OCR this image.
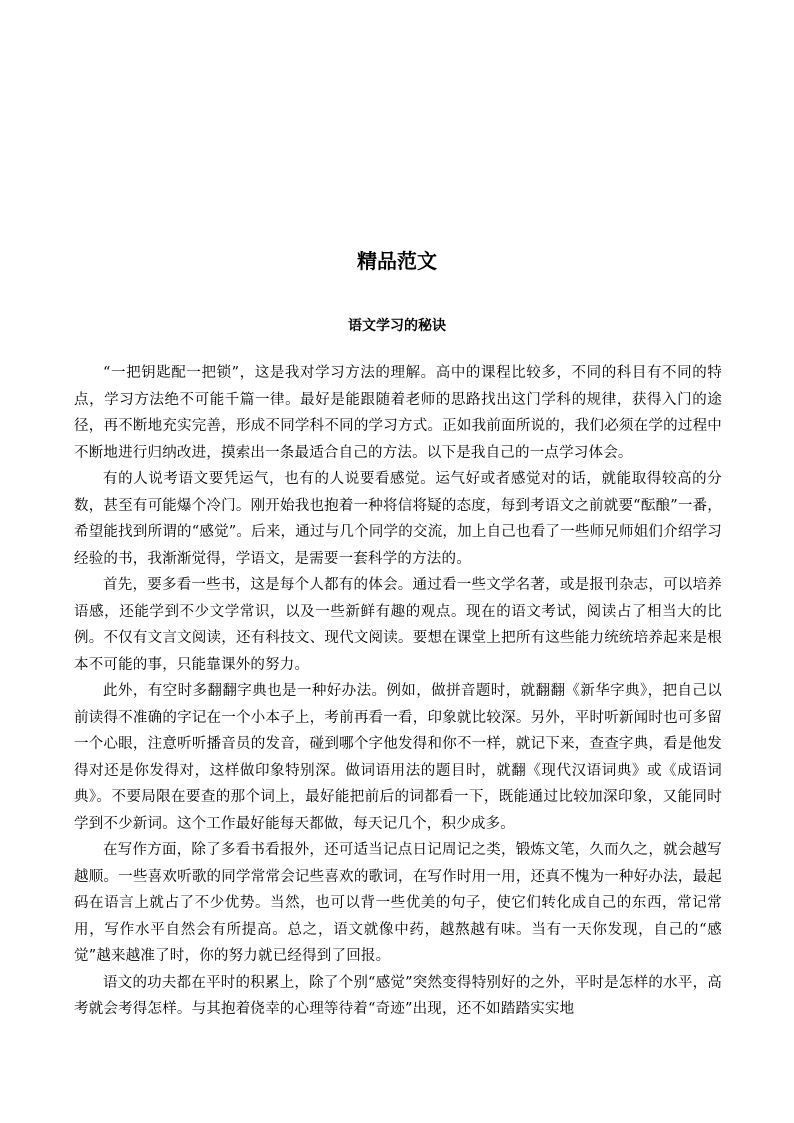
精品范文
语文学习的秘诀

“一把钥匙配一把锁”，这是我对学习方法的理解。高中的课程比较多，不同的科目有不同的特点，学习方法绝不可能千篇一律。最好是能跟随着老师的思路找出这门学科的规律，获得入门的途径，再不断地充实完善，形成不同学科不同的学习方式。正如我前面所说的，我们必须在学的过程中不断地进行归纳改进，摸索出一条最适合自己的方法。以下是我自己的一点学习体会。

有的人说考语文要凭运气，也有的人说要看感觉。运气好或者感觉对的话，就能取得较高的分数，甚至有可能爆个冷门。刚开始我也抱着一种将信将疑的态度，每到考语文之前就要“酝酿”一番，希望能找到所谓的“感觉”。后来，通过与几个同学的交流，加上自己也看了一些师兄师姐们介绍学习经验的书，我渐渐觉得，学语文，是需要一套科学的方法的。

首先，要多看一些书，这是每个人都有的体会。通过看一些文学名著，或是报刊杂志，可以培养语感，还能学到不少文学常识，以及一些新鲜有趣的观点。现在的语文考试，阅读占了相当大的比例。不仅有文言文阅读，还有科技文、现代文阅读。要想在课堂上把所有这些能力统统培养起来是根本不可能的事，只能靠课外的努力。

此外，有空时多翻翻字典也是一种好办法。例如，做拼音题时，就翻翻《新华字典》，把自己以前读得不准确的字记在一个小本子上，考前再看一看，印象就比较深。另外，平时听新闻时也可多留一个心眼，注意听听播音员的发音，碰到哪个字他发得和你不一样，就记下来，查查字典，看是他发得对还是你发得对，这样做印象特别深。做词语用法的题目时，就翻《现代汉语词典》或《成语词典》。不要局限在要查的那个词上，最好能把前后的词都看一下，既能通过比较加深印象，又能同时学到不少新词。这个工作最好能每天都做，每天记几个，积少成多。

在写作方面，除了多看书看报外，还可适当记点日记周记之类，锻炼文笔，久而久之，就会越写越顺。一些喜欢听歌的同学常常会记些喜欢的歌词，在写作时用一用，还真不愧为一种好办法，最起码在语言上就占了不少优势。当然，也可以背一些优美的句子，使它们转化成自己的东西，常记常用，写作水平自然会有所提高。总之，语文就像中药，越熬越有味。当有一天你发现，自己的“感觉”越来越准了时，你的努力就已经得到了回报。

语文的功夫都在平时的积累上，除了个别“感觉”突然变得特别好的之外，平时是怎样的水平，高考就会考得怎样。与其抱着侥幸的心理等待着“奇迹”出现，还不如踏踏实实地
